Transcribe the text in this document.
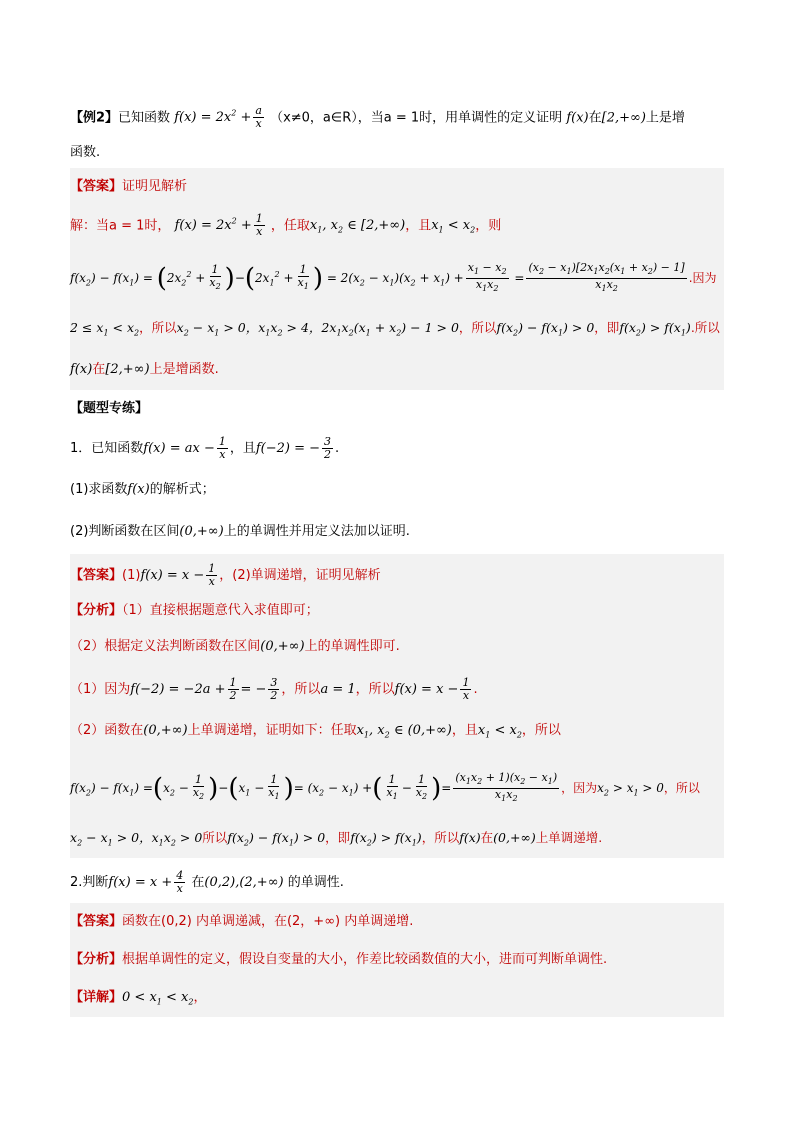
【例2】已知函数 $f(x) = 2x^2 + \frac{a}{x} (x\ne 0$，a∈R），当a = 1时，用单调性的定义证明 f(x)在[2,+∞)上是增
函数.
【答案】证明见解析
解：当a = 1时， $f(x) = 2x^2 + \frac{1}{x}$ ，任取$x_1$, $x_2$ ∈ [2,+∞)，且$x_1 < x_2$，则
$f(x_2) - f(x_1) = (2x_2^2 + \frac{1}{x_2} )-(2x_1^2 + \frac{1}{x_1}$ ) = $2(x_2 - x_1)(x_2 + x_1) + \frac{x_1 - x_2}{x_1x_2} = \frac{(x_2 - x_1)[2x_1x_2(x_1 + x_2) - 1]}{x_1x_2}$ .因为
$2 \le x_1 < x_2$，所以$x_2 - x_1 > 0$，$x_1x_2 > 4$，$2x_1x_2(x_1 + x_2) - 1 > 0$，所以$f(x_2) - f(x_1) > 0$，即$f(x_2) > f(x_1)$.所以
f(x)在[2,+∞)上是增函数.
【题型专练】
1．已知函数f(x) = ax − $\frac{1}{x}$ ，且f(−2) = − $\frac{3}{2}$ .
(1)求函数f(x)的解析式；
(2)判断函数在区间(0,+∞)上的单调性并用定义法加以证明.
【答案】$(1)f(x) = x - \frac{1}{x}$ ，(2)单调递增，证明见解析
【分析】（1）直接根据题意代入求值即可；
（2）根据定义法判断函数在区间(0,+∞)上的单调性即可.
（1）因为$f(-2) = -2a + \frac{1}{2}$ = − $\frac{3}{2}$ ，所以a = 1，所以$f(x) = x - \frac{1}{x}$ .
（2）函数在(0,+∞)上单调递增，证明如下：任取$x_1$, $x_2$ ∈ (0,+∞)，且$x_1 < x_2$，所以
$f(x_2) - f(x_1) =(x_2 - \frac{1}{x_2} )-(x_1 - \frac{1}{x_1}$ )= $(x_2 - x_1)$ +( $\frac{1}{x_1} - \frac{1}{x_2}$ )= $\frac{(x_1x_2 + 1)(x_2 - x_1)}{x_1x_2}$ ，因为$x_2 > x_1 > 0$，所以
$x_2 - x_1 > 0$，$x_1x_2 > 0$所以$f(x_2) - f(x_1) > 0$，即$f(x_2) > f(x_1)$，所以f(x)在(0,+∞)上单调递增.
2.判断$f(x) = x + \frac{4}{x}$ 在(0,2),(2,+∞) 的单调性.
【答案】函数在(0,2) 内单调递减，在(2，+∞) 内单调递增.
【分析】根据单调性的定义，假设自变量的大小，作差比较函数值的大小，进而可判断单调性.
【详解】$0 < x_1 < x_2$，
